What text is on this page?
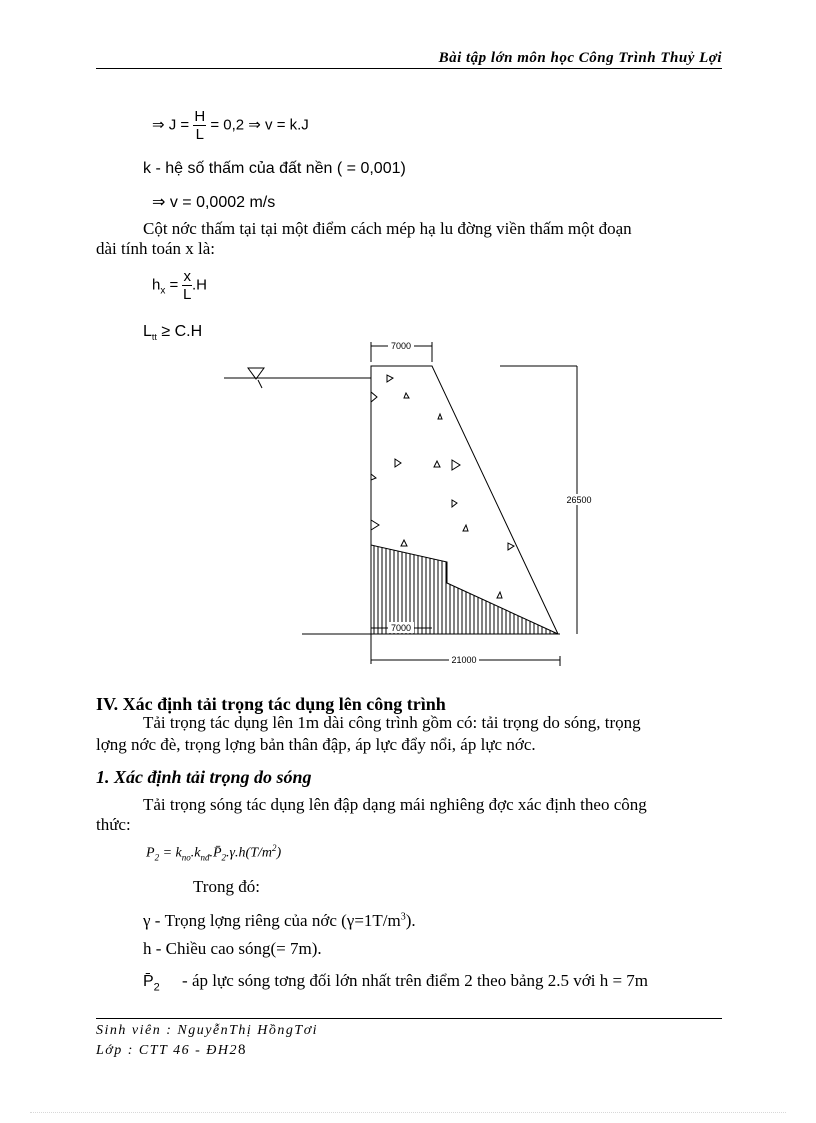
Bài tập lớn môn học Công Trình Thuỷ Lợi
⇒ $J = \frac{H}{L} = 0,2$ ⇒ v = k.J
k - hệ số thấm của đất nền ( = 0,001)
⇒ v = 0,0002 m/s
Cột nớc thấm tại tại một điểm cách mép hạ lu đờng viền thấm một đoạn
dài tính toán x là:
$h_x = \frac{x}{L} .H$
$L_{tt} \ge C.H$
7000
26500
7000
21000
IV. Xác định tải trọng tác dụng lên công trình
Tải trọng tác dụng lên 1m dài công trình gồm có: tải trọng do sóng, trọng
lợng nớc đè, trọng lợng bản thân đập, áp lực đẩy nổi, áp lực nớc.
1. Xác định tải trọng do sóng
Tải trọng sóng tác dụng lên đập dạng mái nghiêng đợc xác định theo công
thức:
$P_2$ = $k_{no}.k_{nđ}.P̄_2.\gamma.h(T/m^2)$
Trong đó:
γ - Trọng lợng riêng của nớc $(\gamma=1T/m^3)$.
h - Chiều cao sóng(= 7m).
$P̄_2$ - áp lực sóng tơng đối lớn nhất trên điểm 2 theo bảng 2.5 với h = 7m
Sinh viên : NguyễnThị HồngTơi
Lớp : CTT 46 - ĐH28
